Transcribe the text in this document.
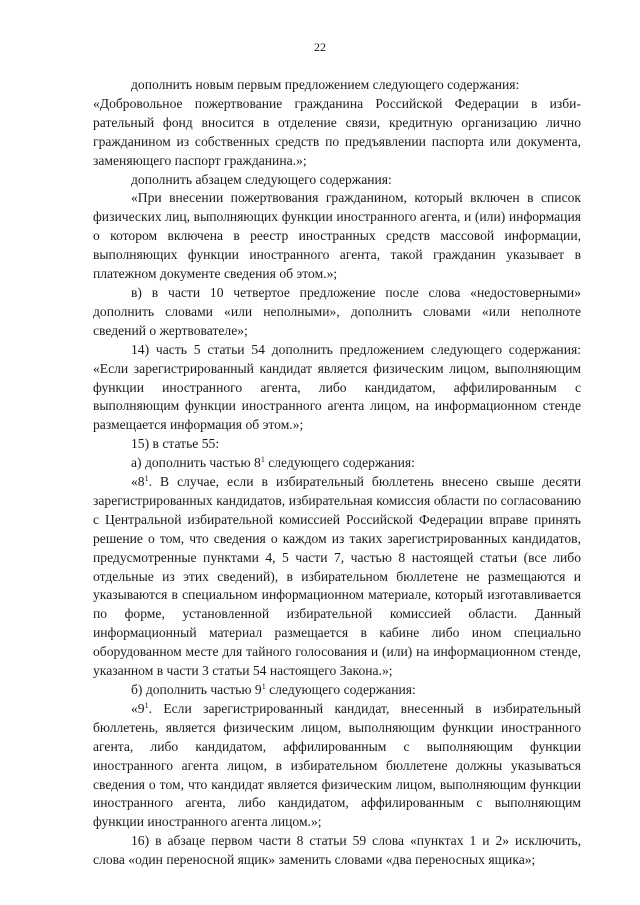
22

дополнить новым первым предложением следующего содержания:

«Добровольное пожертвование гражданина Российской Федерации в избирательный фонд вносится в отделение связи, кредитную организацию лично гражданином из собственных средств по предъявлении паспорта или документа, заменяющего паспорт гражданина.»;

дополнить абзацем следующего содержания:

«При внесении пожертвования гражданином, который включен в список физических лиц, выполняющих функции иностранного агента, и (или) информация о котором включена в реестр иностранных средств массовой информации, выполняющих функции иностранного агента, такой гражданин указывает в платежном документе сведения об этом.»;

в) в части 10 четвертое предложение после слова «недостоверными» дополнить словами «или неполными», дополнить словами «или неполноте сведений о жертвователе»;

14) часть 5 статьи 54 дополнить предложением следующего содержания: «Если зарегистрированный кандидат является физическим лицом, выполняющим функции иностранного агента, либо кандидатом, аффилированным с выполняющим функции иностранного агента лицом, на информационном стенде размещается информация об этом.»;

15) в статье 55:

а) дополнить частью $8^1$ следующего содержания:

«$8^1$. В случае, если в избирательный бюллетень внесено свыше десяти зарегистрированных кандидатов, избирательная комиссия области по согласованию с Центральной избирательной комиссией Российской Федерации вправе принять решение о том, что сведения о каждом из таких зарегистрированных кандидатов, предусмотренные пунктами 4, 5 части 7, частью 8 настоящей статьи (все либо отдельные из этих сведений), в избирательном бюллетене не размещаются и указываются в специальном информационном материале, который изготавливается по форме, установленной избирательной комиссией области. Данный информационный материал размещается в кабине либо ином специально оборудованном месте для тайного голосования и (или) на информационном стенде, указанном в части 3 статьи 54 настоящего Закона.»;

б) дополнить частью $9^1$ следующего содержания:

«$9^1$. Если зарегистрированный кандидат, внесенный в избирательный бюллетень, является физическим лицом, выполняющим функции иностранного агента, либо кандидатом, аффилированным с выполняющим функции иностранного агента лицом, в избирательном бюллетене должны указываться сведения о том, что кандидат является физическим лицом, выполняющим функции иностранного агента, либо кандидатом, аффилированным с выполняющим функции иностранного агента лицом.»;

16) в абзаце первом части 8 статьи 59 слова «пунктах 1 и 2» исключить, слова «один переносной ящик» заменить словами «два переносных ящика»;
